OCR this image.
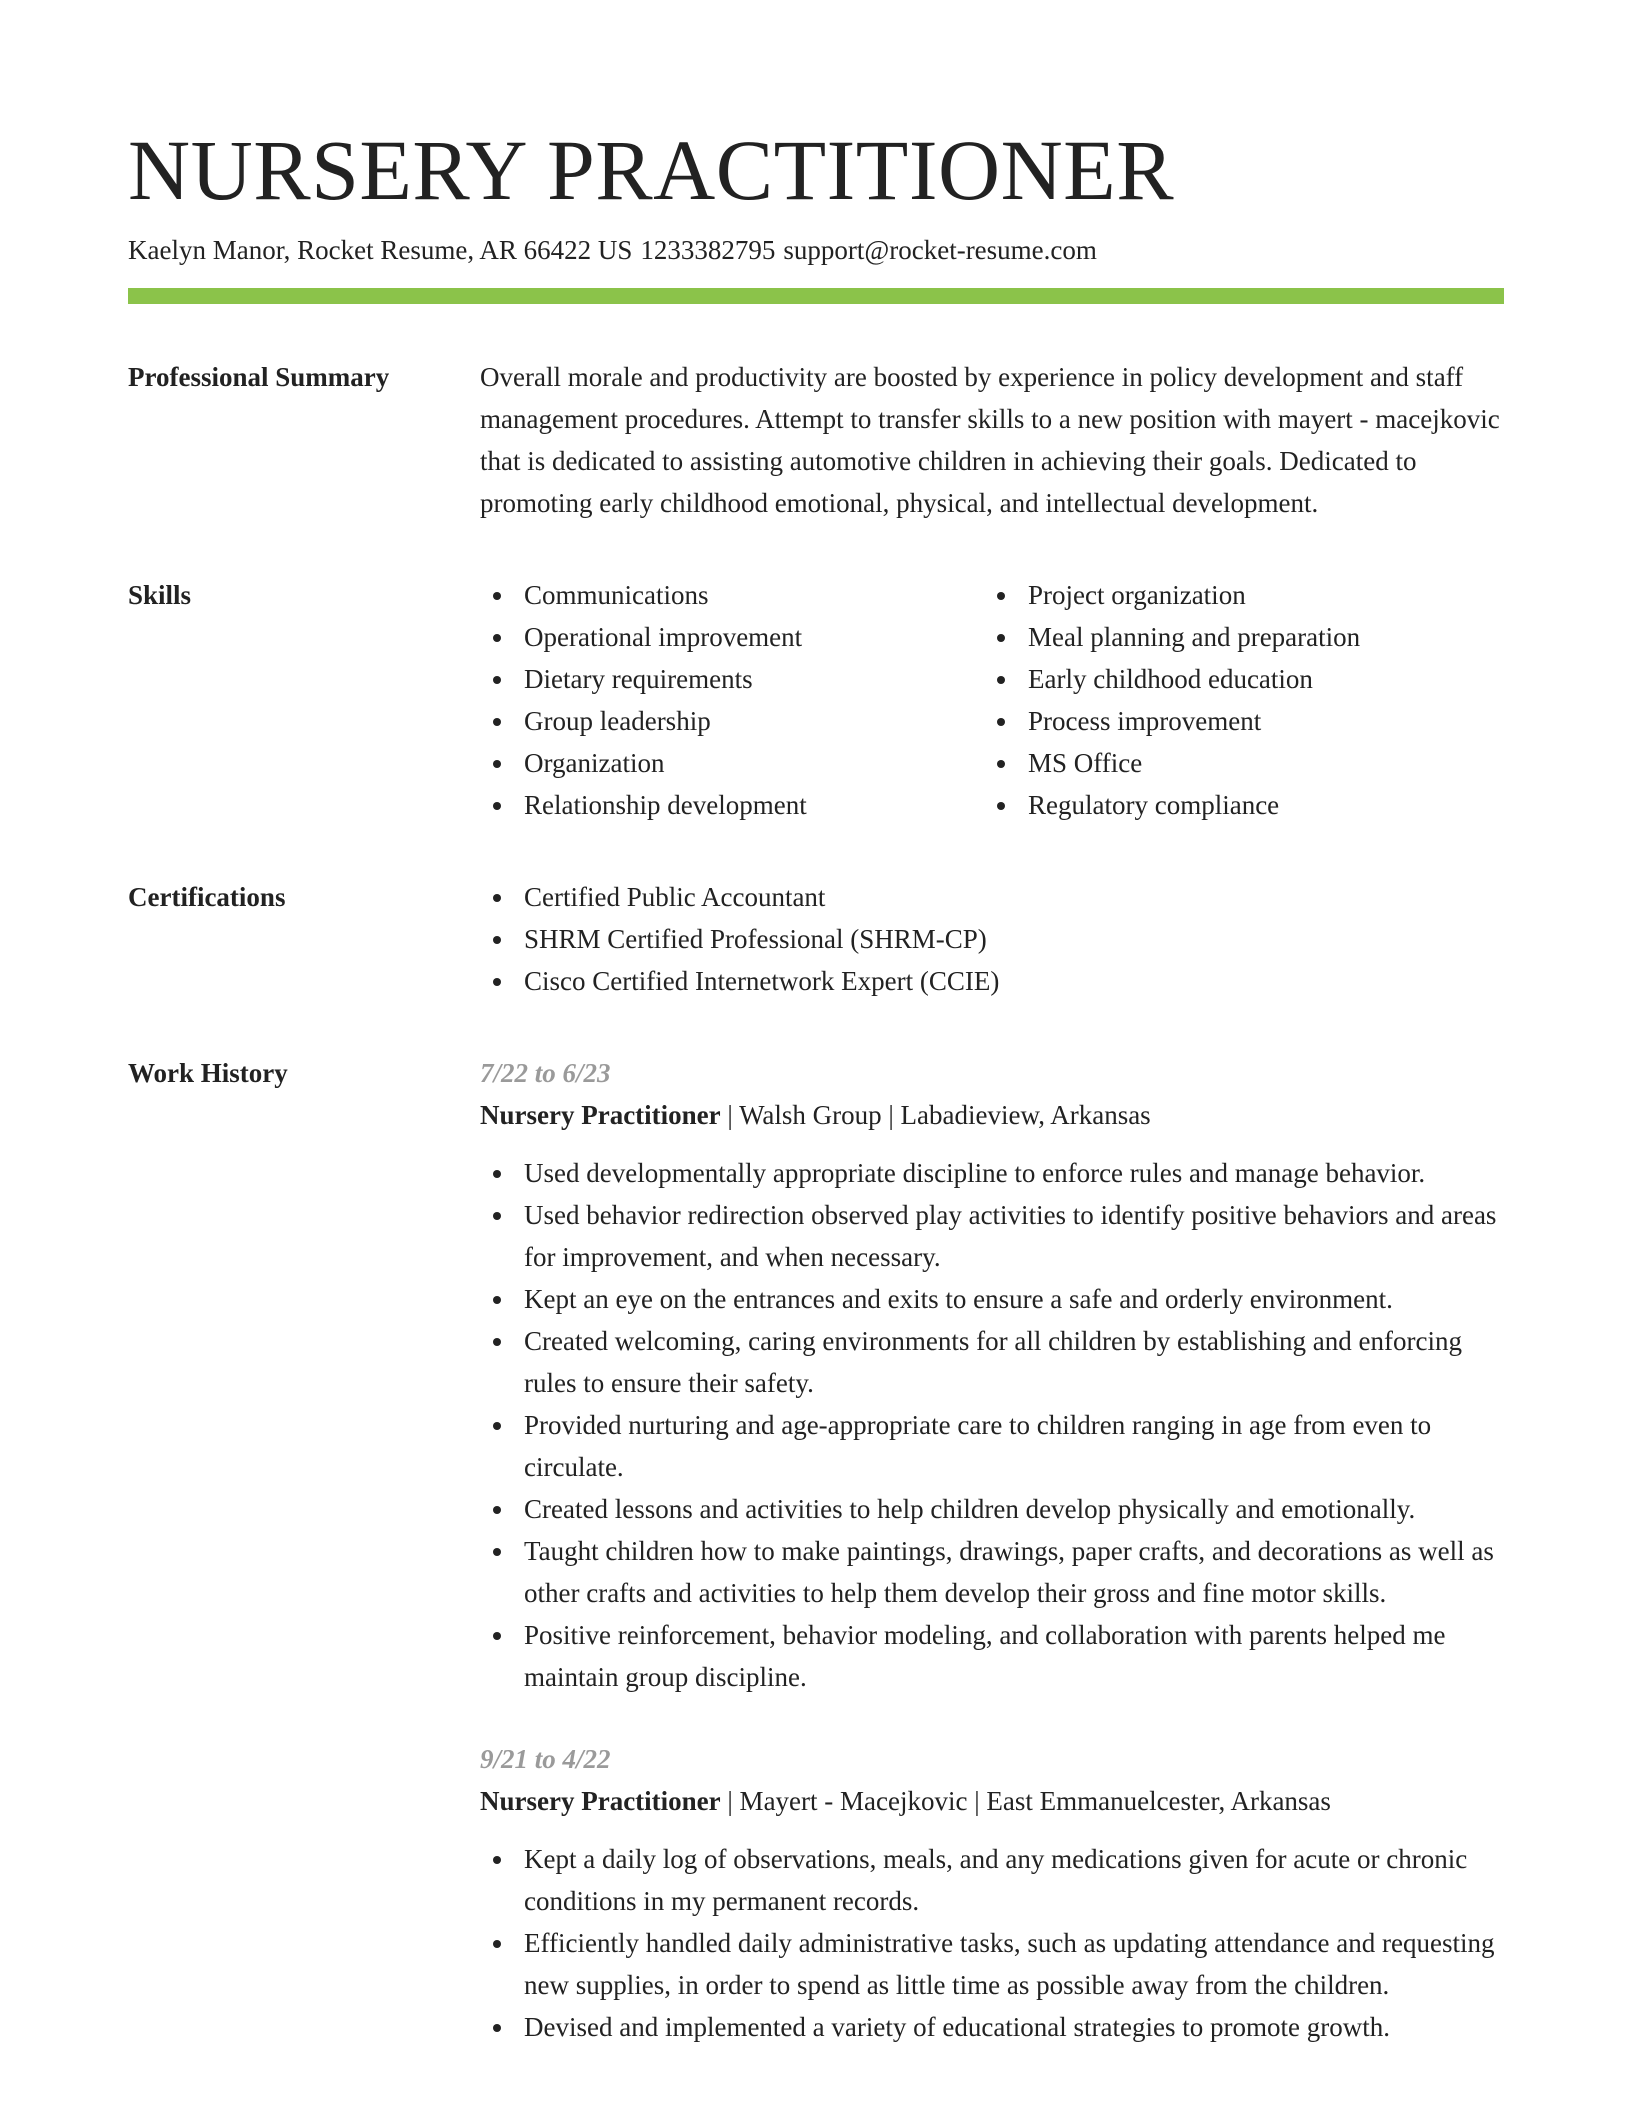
NURSERY PRACTITIONER
Kaelyn Manor, Rocket Resume, AR 66422 US 1233382795 support@rocket-resume.com
Professional Summary	Overall morale and productivity are boosted by experience in policy development and staff management procedures. Attempt to transfer skills to a new position with mayert - macejkovic that is dedicated to assisting automotive children in achieving their goals. Dedicated to promoting early childhood emotional, physical, and intellectual development.

Skills	Communications
Operational improvement
Dietary requirements
Group leadership
Organization
Relationship development
Project organization
Meal planning and preparation
Early childhood education
Process improvement
MS Office
Regulatory compliance
Certifications	Certified Public Accountant
SHRM Certified Professional (SHRM-CP)
Cisco Certified Internetwork Expert (CCIE)
Work History	7/22 to 6/23
Nursery Practitioner | Walsh Group | Labadieview, Arkansas
Used developmentally appropriate discipline to enforce rules and manage behavior.
Used behavior redirection observed play activities to identify positive behaviors and areas for improvement, and when necessary.
Kept an eye on the entrances and exits to ensure a safe and orderly environment.
Created welcoming, caring environments for all children by establishing and enforcing rules to ensure their safety.
Provided nurturing and age-appropriate care to children ranging in age from even to circulate.
Created lessons and activities to help children develop physically and emotionally.
Taught children how to make paintings, drawings, paper crafts, and decorations as well as other crafts and activities to help them develop their gross and fine motor skills.
Positive reinforcement, behavior modeling, and collaboration with parents helped me maintain group discipline.
9/21 to 4/22
Nursery Practitioner | Mayert - Macejkovic | East Emmanuelcester, Arkansas
Kept a daily log of observations, meals, and any medications given for acute or chronic conditions in my permanent records.
Efficiently handled daily administrative tasks, such as updating attendance and requesting new supplies, in order to spend as little time as possible away from the children.
Devised and implemented a variety of educational strategies to promote growth.
